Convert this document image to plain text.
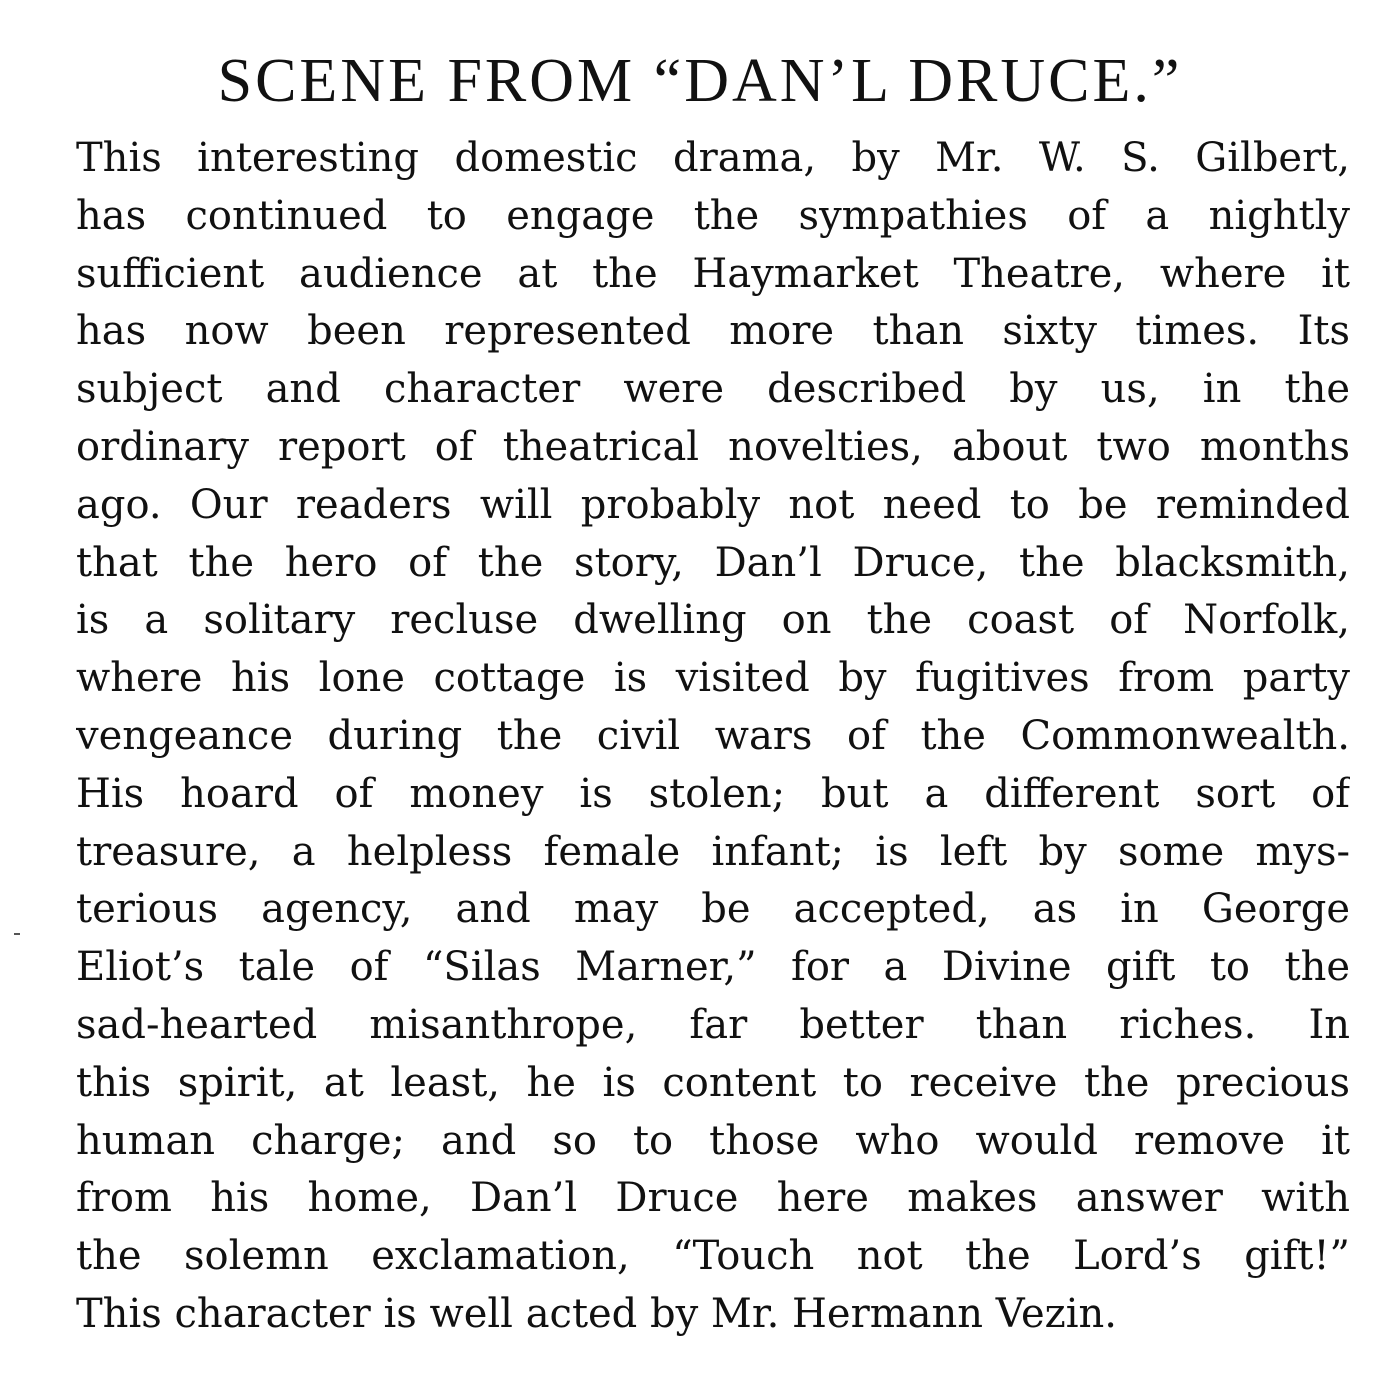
SCENE FROM “DAN’L DRUCE.”
This interesting domestic drama, by Mr. W. S. Gilbert,
has continued to engage the sympathies of a nightly
sufficient audience at the Haymarket Theatre, where it
has now been represented more than sixty times. Its
subject and character were described by us, in the
ordinary report of theatrical novelties, about two months
ago. Our readers will probably not need to be reminded
that the hero of the story, Dan’l Druce, the blacksmith,
is a solitary recluse dwelling on the coast of Norfolk,
where his lone cottage is visited by fugitives from party
vengeance during the civil wars of the Commonwealth.
His hoard of money is stolen; but a different sort of
treasure, a helpless female infant; is left by some mys-
terious agency, and may be accepted, as in George
Eliot’s tale of “Silas Marner,” for a Divine gift to the
sad-hearted misanthrope, far better than riches. In
this spirit, at least, he is content to receive the precious
human charge; and so to those who would remove it
from his home, Dan’l Druce here makes answer with
the solemn exclamation, “Touch not the Lord’s gift!”
This character is well acted by Mr. Hermann Vezin.
